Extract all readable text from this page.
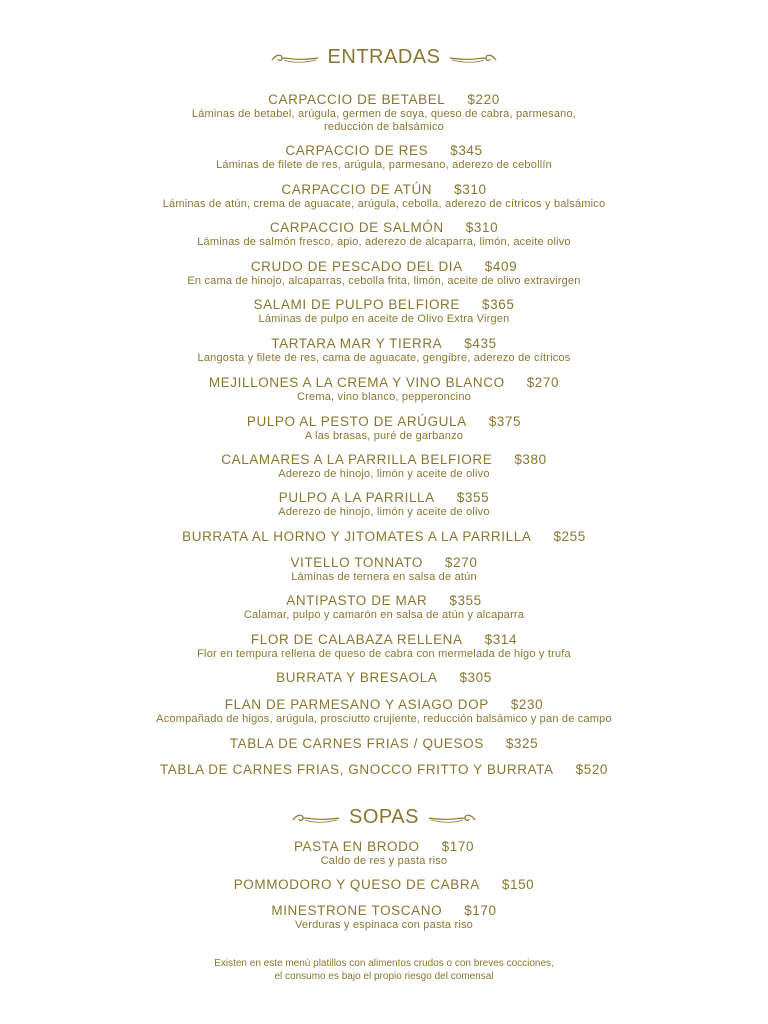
ENTRADAS
CARPACCIO DE BETABEL $220
Láminas de betabel, arúgula, germen de soya, queso de cabra, parmesano,
reducción de balsámico
CARPACCIO DE RES $345
Láminas de filete de res, arúgula, parmesano, aderezo de cebollín
CARPACCIO DE ATÚN $310
Láminas de atún, crema de aguacate, arúgula, cebolla, aderezo de cítricos y balsámico
CARPACCIO DE SALMÓN $310
Láminas de salmón fresco, apio, aderezo de alcaparra, limón, aceite olivo
CRUDO DE PESCADO DEL DIA $409
En cama de hinojo, alcaparras, cebolla frita, limón, aceite de olivo extravirgen
SALAMI DE PULPO BELFIORE $365
Láminas de pulpo en aceite de Olivo Extra Virgen
TARTARA MAR Y TIERRA $435
Langosta y filete de res, cama de aguacate, gengibre, aderezo de cítricos
MEJILLONES A LA CREMA Y VINO BLANCO $270
Crema, vino blanco, pepperoncino
PULPO AL PESTO DE ARÚGULA $375
A las brasas, puré de garbanzo
CALAMARES A LA PARRILLA BELFIORE $380
Aderezo de hinojo, limón y aceite de olivo
PULPO A LA PARRILLA $355
Aderezo de hinojo, limón y aceite de olivo
BURRATA AL HORNO Y JITOMATES A LA PARRILLA $255
VITELLO TONNATO $270
Láminas de ternera en salsa de atún
ANTIPASTO DE MAR $355
Calamar, pulpo y camarón en salsa de atún y alcaparra
FLOR DE CALABAZA RELLENA $314
Flor en tempura rellena de queso de cabra con mermelada de higo y trufa
BURRATA Y BRESAOLA $305
FLAN DE PARMESANO Y ASIAGO DOP $230
Acompañado de higos, arúgula, prosciutto crujiente, reducción balsámico y pan de campo
TABLA DE CARNES FRIAS / QUESOS $325
TABLA DE CARNES FRIAS, GNOCCO FRITTO Y BURRATA $520
SOPAS
PASTA EN BRODO $170
Caldo de res y pasta riso
POMMODORO Y QUESO DE CABRA $150
MINESTRONE TOSCANO $170
Verduras y espinaca con pasta riso
Existen en este menú platillos con alimentos crudos o con breves cocciones,
el consumo es bajo el propio riesgo del comensal
